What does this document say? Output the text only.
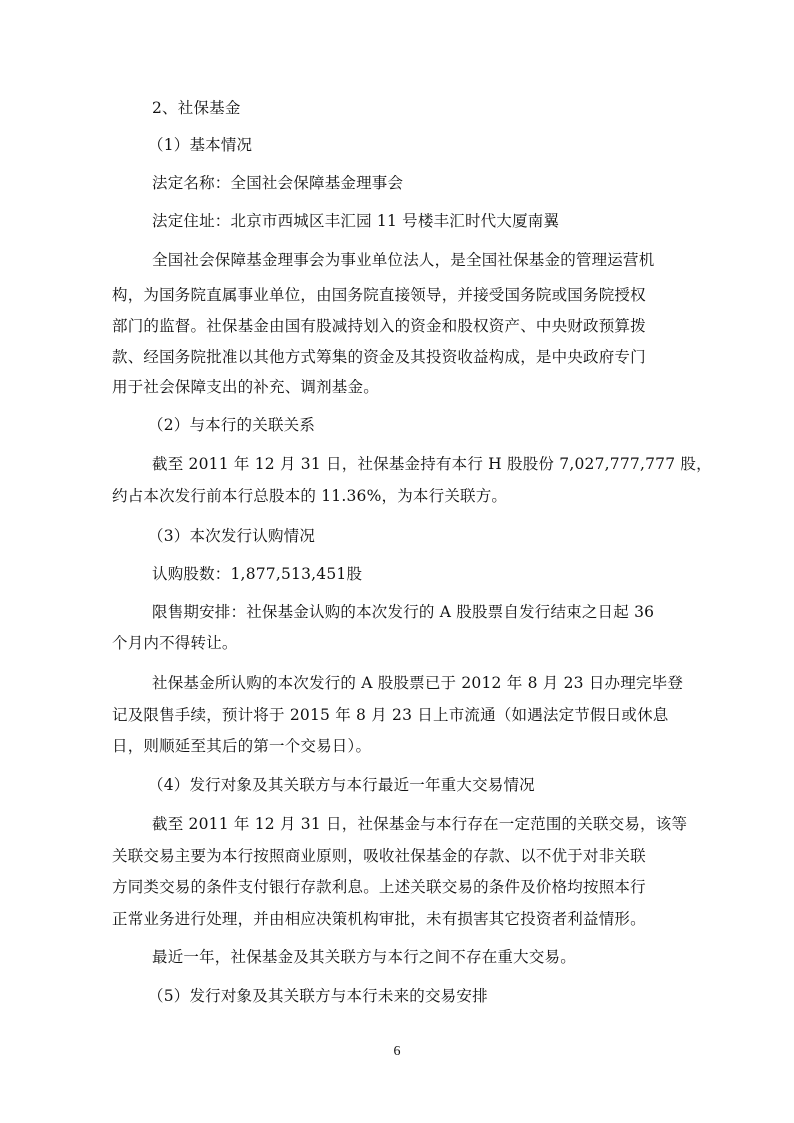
2、社保基金
（1）基本情况
法定名称：全国社会保障基金理事会
法定住址：北京市西城区丰汇园 11 号楼丰汇时代大厦南翼
全国社会保障基金理事会为事业单位法人，是全国社保基金的管理运营机
构，为国务院直属事业单位，由国务院直接领导，并接受国务院或国务院授权
部门的监督。社保基金由国有股减持划入的资金和股权资产、中央财政预算拨
款、经国务院批准以其他方式筹集的资金及其投资收益构成，是中央政府专门
用于社会保障支出的补充、调剂基金。
（2）与本行的关联关系
截至 2011 年 12 月 31 日，社保基金持有本行 H 股股份 7,027,777,777 股，
约占本次发行前本行总股本的 11.36%，为本行关联方。
（3）本次发行认购情况
认购股数：1,877,513,451股
限售期安排：社保基金认购的本次发行的 A 股股票自发行结束之日起 36
个月内不得转让。
社保基金所认购的本次发行的 A 股股票已于 2012 年 8 月 23 日办理完毕登
记及限售手续，预计将于 2015 年 8 月 23 日上市流通（如遇法定节假日或休息
日，则顺延至其后的第一个交易日）。
（4）发行对象及其关联方与本行最近一年重大交易情况
截至 2011 年 12 月 31 日，社保基金与本行存在一定范围的关联交易，该等
关联交易主要为本行按照商业原则，吸收社保基金的存款、以不优于对非关联
方同类交易的条件支付银行存款利息。上述关联交易的条件及价格均按照本行
正常业务进行处理，并由相应决策机构审批，未有损害其它投资者利益情形。
最近一年，社保基金及其关联方与本行之间不存在重大交易。
（5）发行对象及其关联方与本行未来的交易安排
6
